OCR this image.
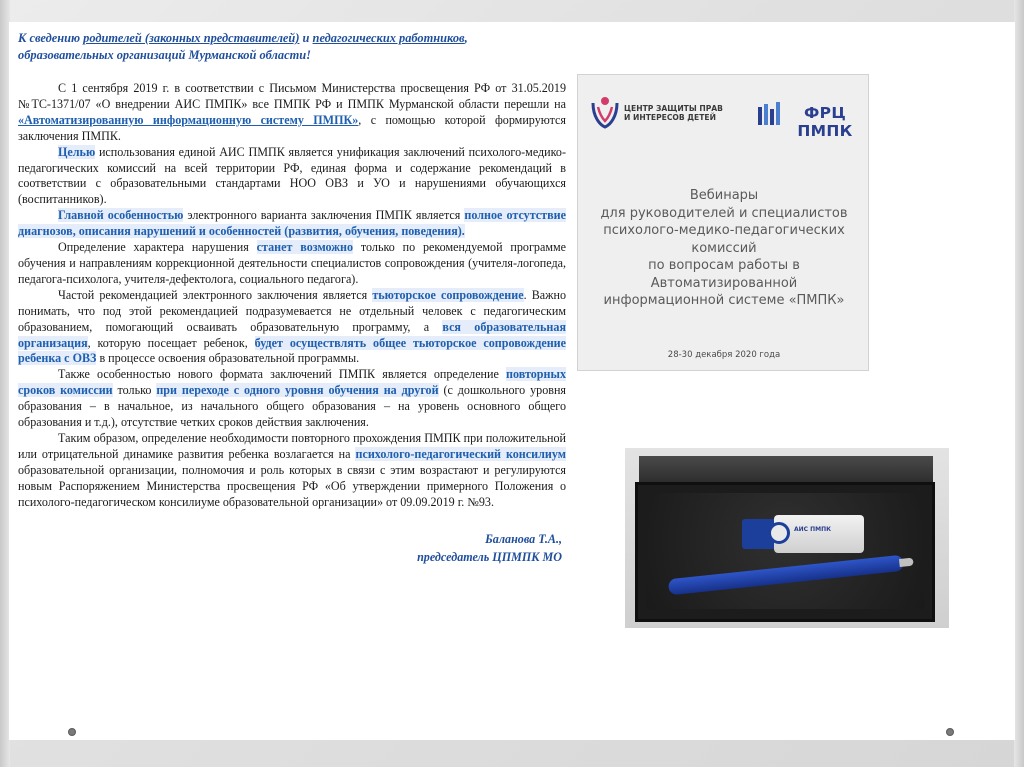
К сведению родителей (законных представителей) и педагогических работников, образовательных организаций Мурманской области!
С 1 сентября 2019 г. в соответствии с Письмом Министерства просвещения РФ от 31.05.2019 №ТС-1371/07 «О внедрении АИС ПМПК» все ПМПК РФ и ПМПК Мурманской области перешли на «Автоматизированную информационную систему ПМПК», с помощью которой формируются заключения ПМПК.
Целью использования единой АИС ПМПК является унификация заключений психолого-медико-педагогических комиссий на всей территории РФ, единая форма и содержание рекомендаций в соответствии с образовательными стандартами НОО ОВЗ и УО и нарушениями обучающихся (воспитанников).
Главной особенностью электронного варианта заключения ПМПК является полное отсутствие диагнозов, описания нарушений и особенностей (развития, обучения, поведения).
Определение характера нарушения станет возможно только по рекомендуемой программе обучения и направлениям коррекционной деятельности специалистов сопровождения (учителя-логопеда, педагога-психолога, учителя-дефектолога, социального педагога).
Частой рекомендацией электронного заключения является тьюторское сопровождение. Важно понимать, что под этой рекомендацией подразумевается не отдельный человек с педагогическим образованием, помогающий осваивать образовательную программу, а вся образовательная организация, которую посещает ребенок, будет осуществлять общее тьюторское сопровождение ребенка с ОВЗ в процессе освоения образовательной программы.
Также особенностью нового формата заключений ПМПК является определение повторных сроков комиссии только при переходе с одного уровня обучения на другой (с дошкольного уровня образования – в начальное, из начального общего образования – на уровень основного общего образования и т.д.), отсутствие четких сроков действия заключения.
Таким образом, определение необходимости повторного прохождения ПМПК при положительной или отрицательной динамике развития ребенка возлагается на психолого-педагогический консилиум образовательной организации, полномочия и роль которых в связи с этим возрастают и регулируются новым Распоряжением Министерства просвещения РФ «Об утверждении примерного Положения о психолого-педагогическом консилиуме образовательной организации» от 09.09.2019 г. №93.
Баланова Т.А.,
председатель ЦПМПК МО
ЦЕНТР ЗАЩИТЫ ПРАВ
И ИНТЕРЕСОВ ДЕТЕЙ	ФРЦ ПМПК
Вебинары
для руководителей и специалистов
психолого-медико-педагогических комиссий
по вопросам работы в Автоматизированной
информационной системе «ПМПК»
28-30 декабря 2020 года
АИС ПМПК
